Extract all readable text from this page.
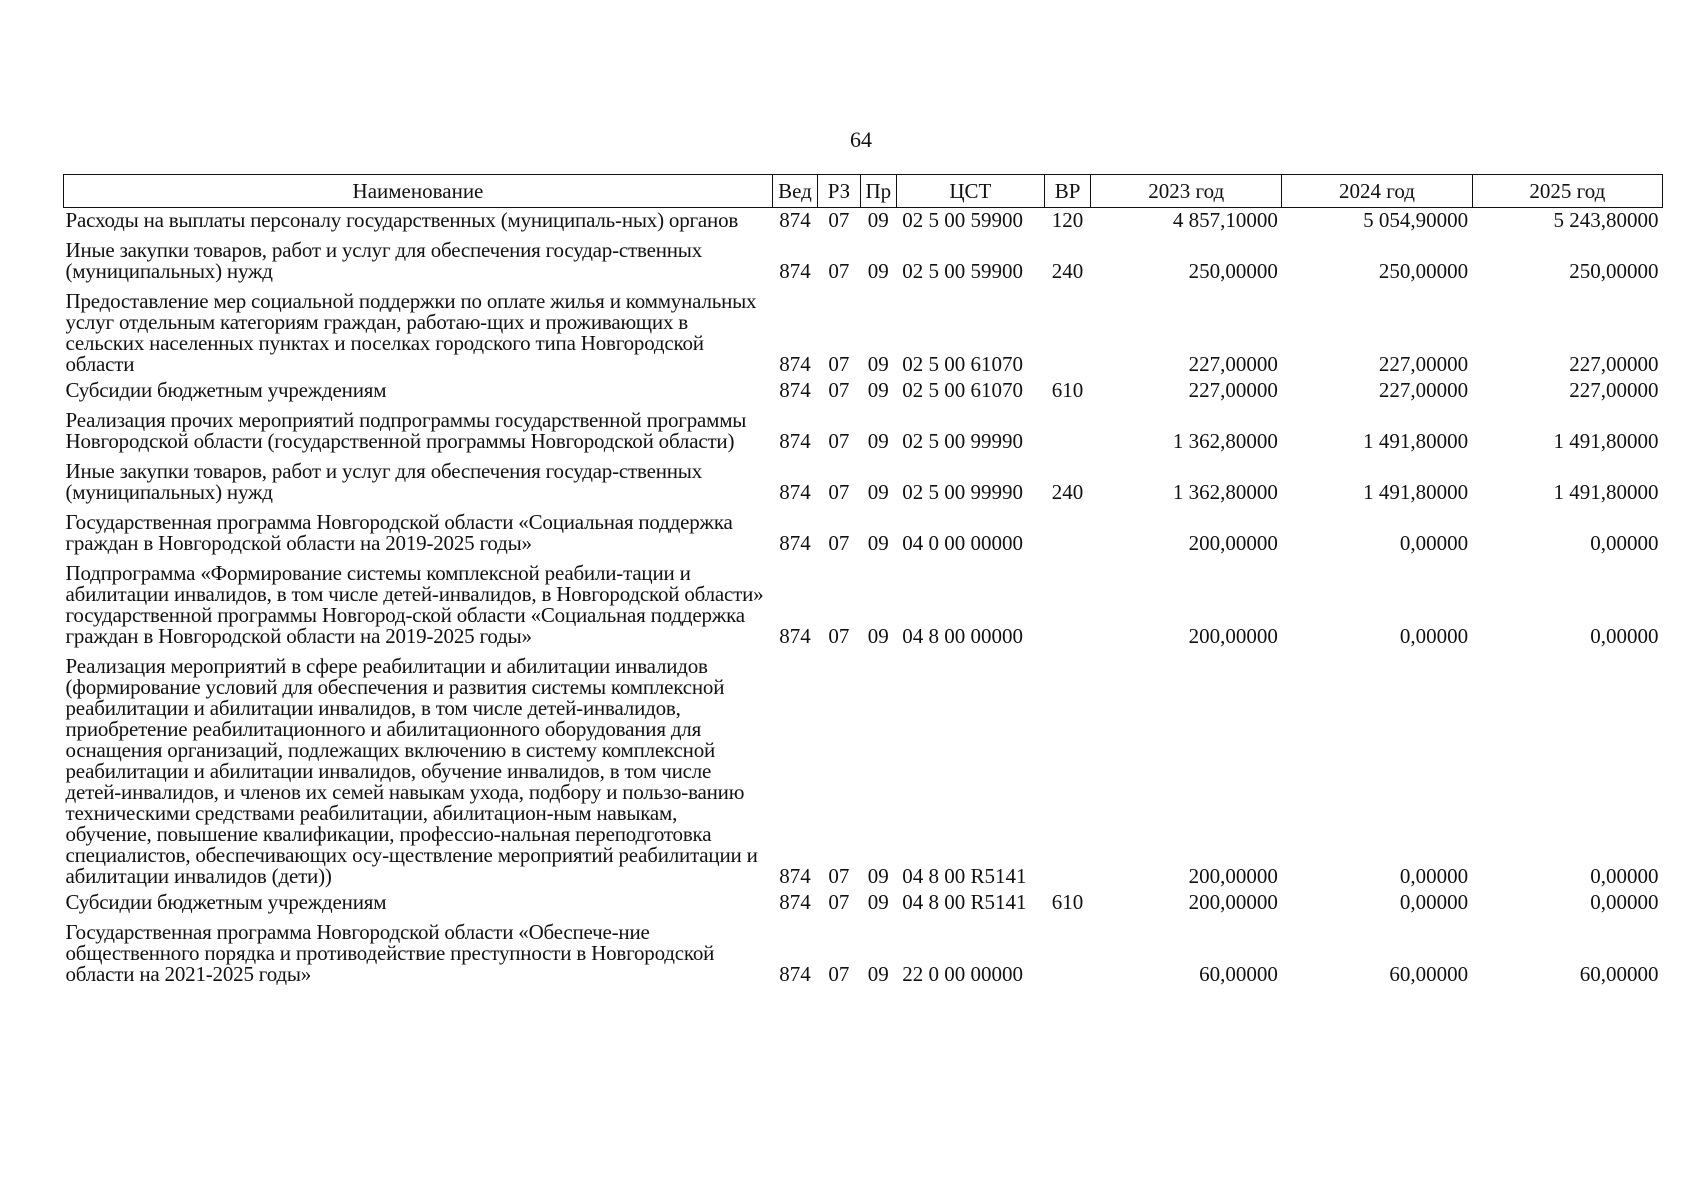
64
Наименование	Вед	РЗ	Пр	ЦСТ	ВР	2023 год	2024 год	2025 год
Расходы на выплаты персоналу государственных (муниципаль-ных) органов	874	07	09	02 5 00 59900	120	4 857,10000	5 054,90000	5 243,80000
Иные закупки товаров, работ и услуг для обеспечения государ-ственных (муниципальных) нужд	874	07	09	02 5 00 59900	240	250,00000	250,00000	250,00000
Предоставление мер социальной поддержки по оплате жилья и коммунальных услуг отдельным категориям граждан, работаю-щих и проживающих в сельских населенных пунктах и поселках городского типа Новгородской области	874	07	09	02 5 00 61070		227,00000	227,00000	227,00000
Субсидии бюджетным учреждениям	874	07	09	02 5 00 61070	610	227,00000	227,00000	227,00000
Реализация прочих мероприятий подпрограммы государственной программы Новгородской области (государственной программы Новгородской области)	874	07	09	02 5 00 99990		1 362,80000	1 491,80000	1 491,80000
Иные закупки товаров, работ и услуг для обеспечения государ-ственных (муниципальных) нужд	874	07	09	02 5 00 99990	240	1 362,80000	1 491,80000	1 491,80000
Государственная программа Новгородской области «Социальная поддержка граждан в Новгородской области на 2019-2025 годы»	874	07	09	04 0 00 00000		200,00000	0,00000	0,00000
Подпрограмма «Формирование системы комплексной реабили-тации и абилитации инвалидов, в том числе детей-инвалидов, в Новгородской области» государственной программы Новгород-ской области «Социальная поддержка граждан в Новгородской области на 2019-2025 годы»	874	07	09	04 8 00 00000		200,00000	0,00000	0,00000
Реализация мероприятий в сфере реабилитации и абилитации инвалидов (формирование условий для обеспечения и развития системы комплексной реабилитации и абилитации инвалидов, в том числе детей-инвалидов, приобретение реабилитационного и абилитационного оборудования для оснащения организаций, подлежащих включению в систему комплексной реабилитации и абилитации инвалидов, обучение инвалидов, в том числе детей-инвалидов, и членов их семей навыкам ухода, подбору и пользо-ванию техническими средствами реабилитации, абилитацион-ным навыкам, обучение, повышение квалификации, профессио-нальная переподготовка специалистов, обеспечивающих осу-ществление мероприятий реабилитации и абилитации инвалидов (дети))	874	07	09	04 8 00 R5141		200,00000	0,00000	0,00000
Субсидии бюджетным учреждениям	874	07	09	04 8 00 R5141	610	200,00000	0,00000	0,00000
Государственная программа Новгородской области «Обеспече-ние общественного порядка и противодействие преступности в Новгородской области на 2021-2025 годы»	874	07	09	22 0 00 00000		60,00000	60,00000	60,00000
